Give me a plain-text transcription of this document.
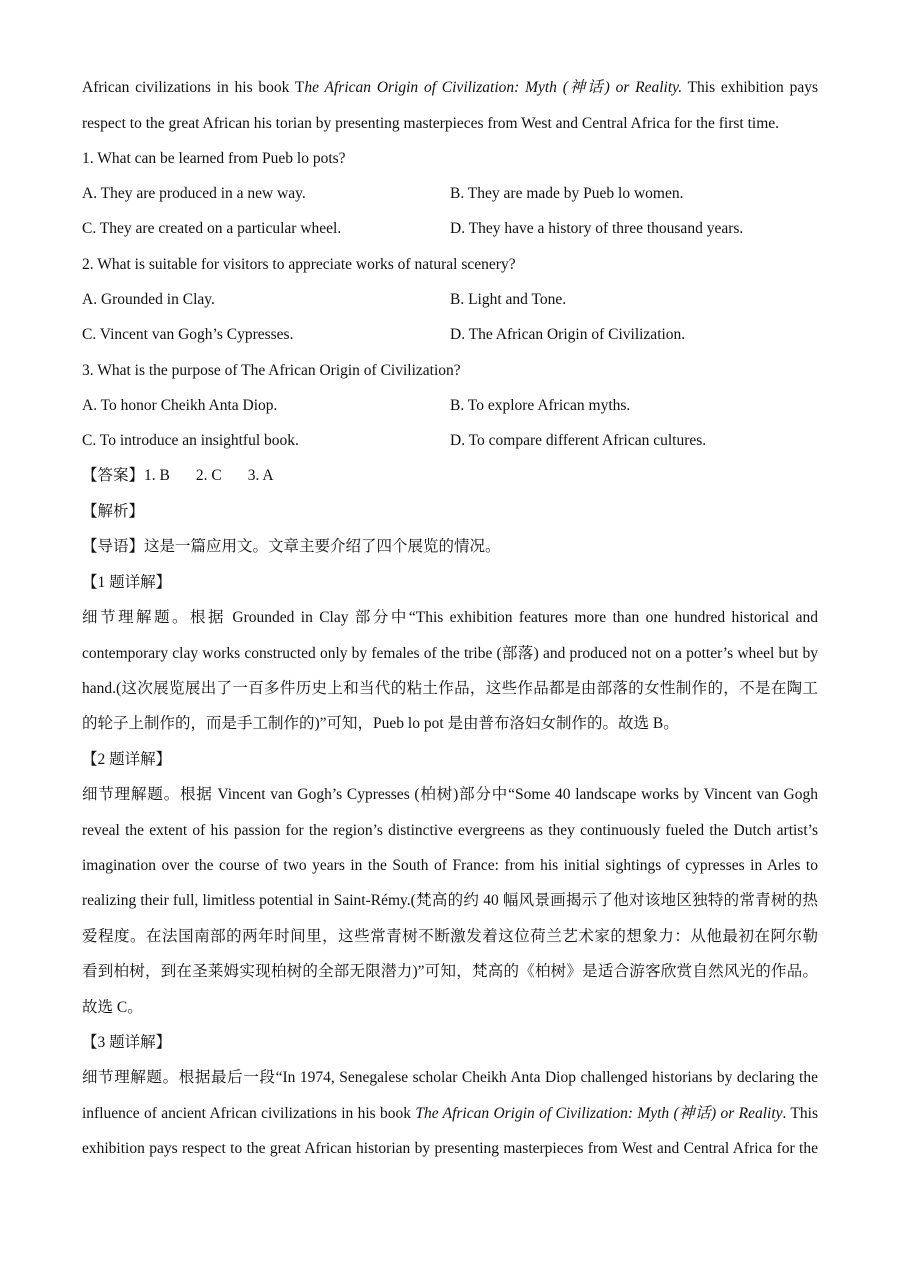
African civilizations in his book The African Origin of Civilization: Myth (神话) or Reality. This exhibition pays
respect to the great African his torian by presenting masterpieces from West and Central Africa for the first time.
1. What can be learned from Pueb lo pots?
A. They are produced in a new way.	B. They are made by Pueb lo women.
C. They are created on a particular wheel.	D. They have a history of three thousand years.
2. What is suitable for visitors to appreciate works of natural scenery?
A. Grounded in Clay.	B. Light and Tone.
C. Vincent van Gogh’s Cypresses.	D. The African Origin of Civilization.
3. What is the purpose of The African Origin of Civilization?
A. To honor Cheikh Anta Diop.	B. To explore African myths.
C. To introduce an insightful book.	D. To compare different African cultures.
【答案】1. B 2. C 3. A
【解析】
【导语】这是一篇应用文。文章主要介绍了四个展览的情况。
【1 题详解】
细节理解题。根据 Grounded in Clay 部分中“This exhibition features more than one hundred historical and
contemporary clay works constructed only by females of the tribe (部落) and produced not on a potter’s wheel but by
hand.(这次展览展出了一百多件历史上和当代的粘土作品，这些作品都是由部落的女性制作的，不是在陶工
的轮子上制作的，而是手工制作的)”可知，Pueb lo pot 是由普布洛妇女制作的。故选 B。
【2 题详解】
细节理解题。根据 Vincent van Gogh’s Cypresses (柏树)部分中“Some 40 landscape works by Vincent van Gogh
reveal the extent of his passion for the region’s distinctive evergreens as they continuously fueled the Dutch artist’s
imagination over the course of two years in the South of France: from his initial sightings of cypresses in Arles to
realizing their full, limitless potential in Saint-Rémy.(梵高的约 40 幅风景画揭示了他对该地区独特的常青树的热
爱程度。在法国南部的两年时间里，这些常青树不断激发着这位荷兰艺术家的想象力：从他最初在阿尔勒
看到柏树，到在圣莱姆实现柏树的全部无限潜力)”可知，梵高的《柏树》是适合游客欣赏自然风光的作品。
故选 C。
【3 题详解】
细节理解题。根据最后一段“In 1974, Senegalese scholar Cheikh Anta Diop challenged historians by declaring the
influence of ancient African civilizations in his book The African Origin of Civilization: Myth (神话) or Reality. This
exhibition pays respect to the great African historian by presenting masterpieces from West and Central Africa for the
